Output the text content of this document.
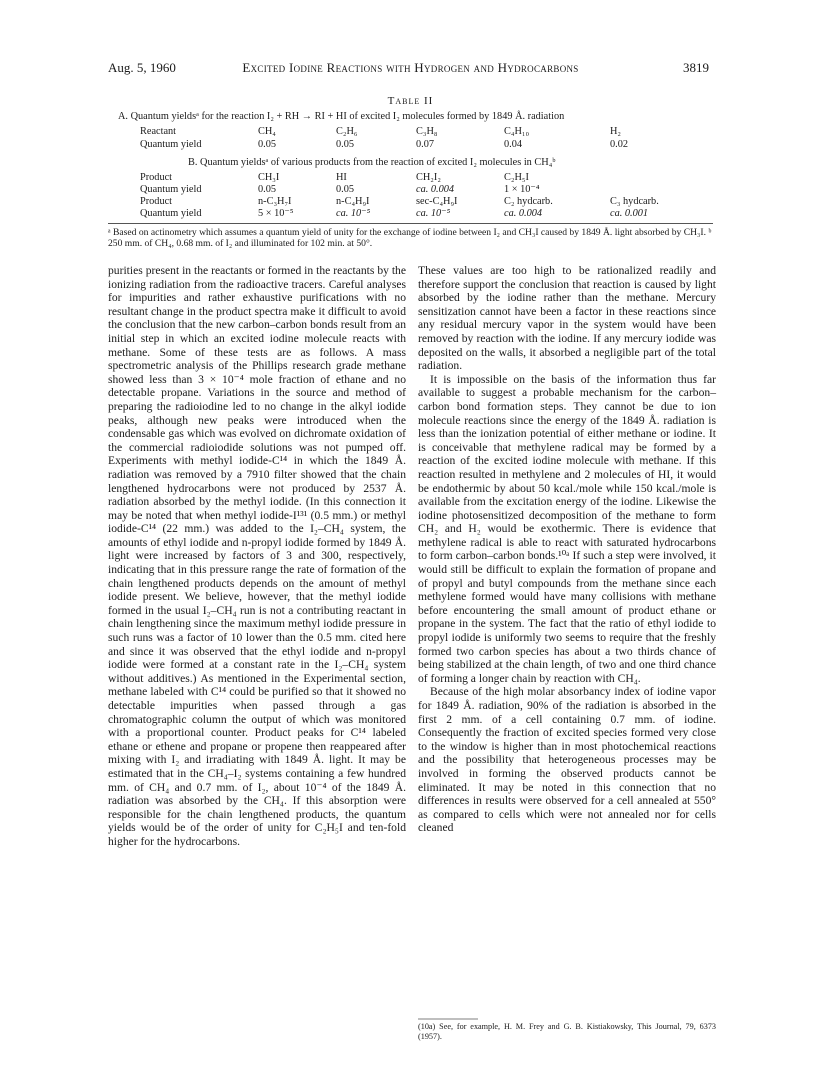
Aug. 5, 1960	Excited Iodine Reactions with Hydrogen and Hydrocarbons	3819
Table II
A. Quantum yieldsᵃ for the reaction I₂ + RH → RI + HI of excited I₂ molecules formed by 1849 Å. radiation
Reactant	CH₄	C₂H₆	C₃H₈	C₄H₁₀	H₂
Quantum yield	0.05	0.05	0.07	0.04	0.02
B. Quantum yieldsᵃ of various products from the reaction of excited I₂ molecules in CH₄ᵇ
Product	CH₃I	HI	CH₂I₂	C₂H₅I
Quantum yield	0.05	0.05	ca. 0.004	1 × 10⁻⁴
Product	n-C₃H₇I	n-C₄H₉I	sec-C₄H₉I	C₂ hydcarb.	C₃ hydcarb.
Quantum yield	5 × 10⁻⁵	ca. 10⁻⁵	ca. 10⁻⁵	ca. 0.004	ca. 0.001
ᵃ Based on actinometry which assumes a quantum yield of unity for the exchange of iodine between I₂ and CH₃I caused by 1849 Å. light absorbed by CH₃I. ᵇ 250 mm. of CH₄, 0.68 mm. of I₂ and illuminated for 102 min. at 50°.

purities present in the reactants or formed in the reactants by the ionizing radiation from the radioactive tracers. Careful analyses for impurities and rather exhaustive purifications with no resultant change in the product spectra make it difficult to avoid the conclusion that the new carbon–carbon bonds result from an initial step in which an excited iodine molecule reacts with methane. Some of these tests are as follows. A mass spectrometric analysis of the Phillips research grade methane showed less than 3 × 10⁻⁴ mole fraction of ethane and no detectable propane. Variations in the source and method of preparing the radioiodine led to no change in the alkyl iodide peaks, although new peaks were introduced when the condensable gas which was evolved on dichromate oxidation of the commercial radioiodide solutions was not pumped off. Experiments with methyl iodide-C¹⁴ in which the 1849 Å. radiation was removed by a 7910 filter showed that the chain lengthened hydrocarbons were not produced by 2537 Å. radiation absorbed by the methyl iodide. (In this connection it may be noted that when methyl iodide-I¹³¹ (0.5 mm.) or methyl iodide-C¹⁴ (22 mm.) was added to the I₂–CH₄ system, the amounts of ethyl iodide and n-propyl iodide formed by 1849 Å. light were increased by factors of 3 and 300, respectively, indicating that in this pressure range the rate of formation of the chain lengthened products depends on the amount of methyl iodide present. We believe, however, that the methyl iodide formed in the usual I₂–CH₄ run is not a contributing reactant in chain lengthening since the maximum methyl iodide pressure in such runs was a factor of 10 lower than the 0.5 mm. cited here and since it was observed that the ethyl iodide and n-propyl iodide were formed at a constant rate in the I₂–CH₄ system without additives.) As mentioned in the Experimental section, methane labeled with C¹⁴ could be purified so that it showed no detectable impurities when passed through a gas chromatographic column the output of which was monitored with a proportional counter. Product peaks for C¹⁴ labeled ethane or ethene and propane or propene then reappeared after mixing with I₂ and irradiating with 1849 Å. light. It may be estimated that in the CH₄–I₂ systems containing a few hundred mm. of CH₄ and 0.7 mm. of I₂, about 10⁻⁴ of the 1849 Å. radiation was absorbed by the CH₄. If this absorption were responsible for the chain lengthened products, the quantum yields would be of the order of unity for C₂H₅I and ten-fold higher for the hydrocarbons.

These values are too high to be rationalized readily and therefore support the conclusion that reaction is caused by light absorbed by the iodine rather than the methane. Mercury sensitization cannot have been a factor in these reactions since any residual mercury vapor in the system would have been removed by reaction with the iodine. If any mercury iodide was deposited on the walls, it absorbed a negligible part of the total radiation.

It is impossible on the basis of the information thus far available to suggest a probable mechanism for the carbon–carbon bond formation steps. They cannot be due to ion molecule reactions since the energy of the 1849 Å. radiation is less than the ionization potential of either methane or iodine. It is conceivable that methylene radical may be formed by a reaction of the excited iodine molecule with methane. If this reaction resulted in methylene and 2 molecules of HI, it would be endothermic by about 50 kcal./mole while 150 kcal./mole is available from the excitation energy of the iodine. Likewise the iodine photosensitized decomposition of the methane to form CH₂ and H₂ would be exothermic. There is evidence that methylene radical is able to react with saturated hydrocarbons to form carbon–carbon bonds.¹⁰ᵃ If such a step were involved, it would still be difficult to explain the formation of propane and of propyl and butyl compounds from the methane since each methylene formed would have many collisions with methane before encountering the small amount of product ethane or propane in the system. The fact that the ratio of ethyl iodide to propyl iodide is uniformly two seems to require that the freshly formed two carbon species has about a two thirds chance of being stabilized at the chain length, of two and one third chance of forming a longer chain by reaction with CH₄.

Because of the high molar absorbancy index of iodine vapor for 1849 Å. radiation, 90% of the radiation is absorbed in the first 2 mm. of a cell containing 0.7 mm. of iodine. Consequently the fraction of excited species formed very close to the window is higher than in most photochemical reactions and the possibility that heterogeneous processes may be involved in forming the observed products cannot be eliminated. It may be noted in this connection that no differences in results were observed for a cell annealed at 550° as compared to cells which were not annealed nor for cells cleaned

(10a) See, for example, H. M. Frey and G. B. Kistiakowsky, This Journal, 79, 6373 (1957).
